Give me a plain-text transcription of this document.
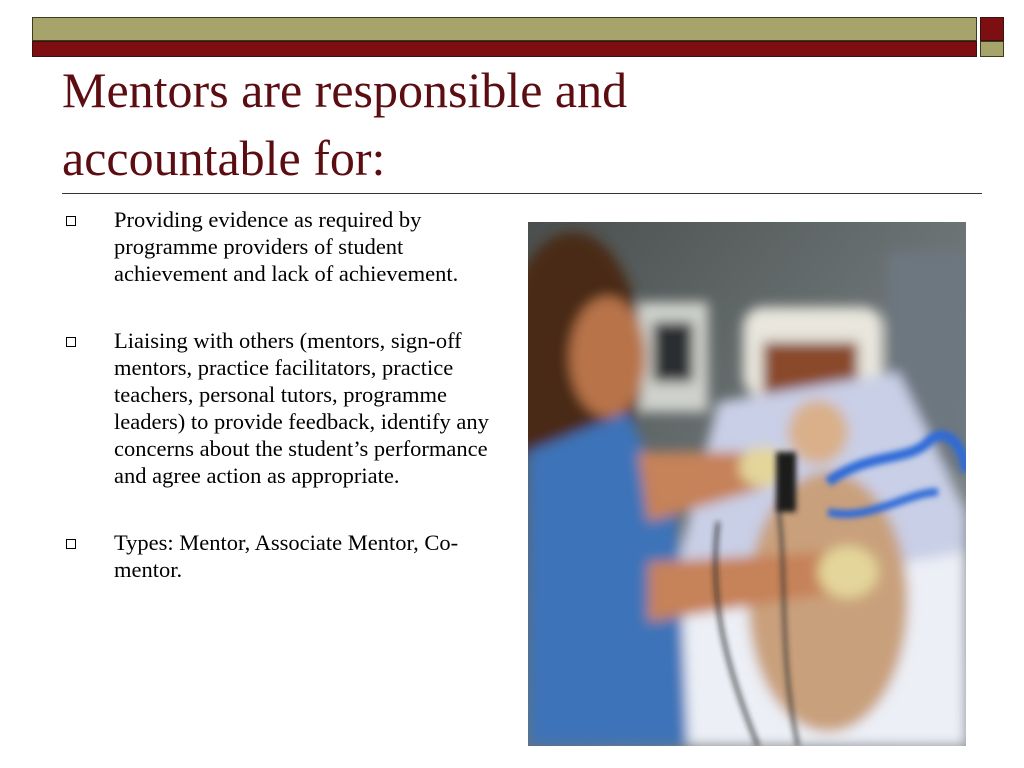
Mentors are responsible and accountable for:
Providing evidence as required by programme providers of student achievement and lack of achievement.
Liaising with others (mentors, sign-off mentors, practice facilitators, practice teachers, personal tutors, programme leaders) to provide feedback, identify any concerns about the student’s performance and agree action as appropriate.
Types: Mentor, Associate Mentor, Co-mentor.
